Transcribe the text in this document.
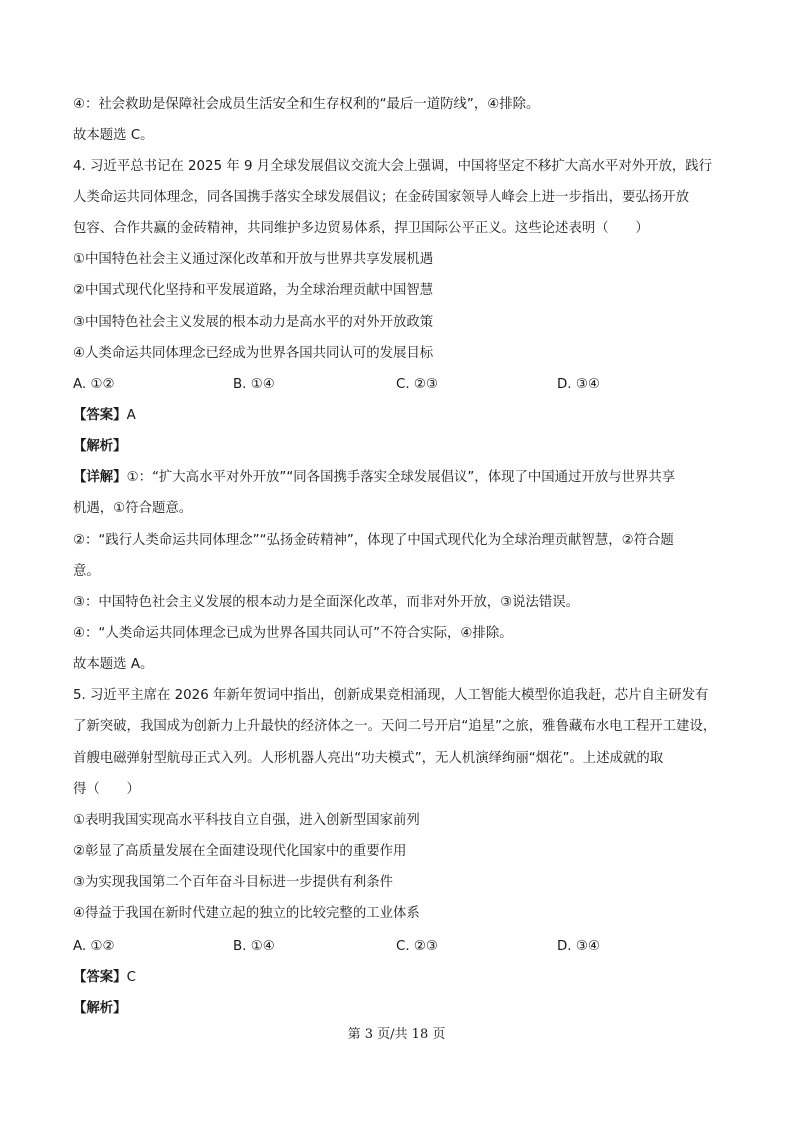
④：社会救助是保障社会成员生活安全和生存权利的“最后一道防线”，④排除。
故本题选 C。
4. 习近平总书记在 2025 年 9 月全球发展倡议交流大会上强调，中国将坚定不移扩大高水平对外开放，践行
人类命运共同体理念，同各国携手落实全球发展倡议；在金砖国家领导人峰会上进一步指出，要弘扬开放
包容、合作共赢的金砖精神，共同维护多边贸易体系，捍卫国际公平正义。这些论述表明（　　）
①中国特色社会主义通过深化改革和开放与世界共享发展机遇
②中国式现代化坚持和平发展道路，为全球治理贡献中国智慧
③中国特色社会主义发展的根本动力是高水平的对外开放政策
④人类命运共同体理念已经成为世界各国共同认可的发展目标
A. ①②	B. ①④	C. ②③	D. ③④
【答案】A
【解析】
【详解】①：“扩大高水平对外开放”“同各国携手落实全球发展倡议”，体现了中国通过开放与世界共享
机遇，①符合题意。
②：“践行人类命运共同体理念”“弘扬金砖精神”，体现了中国式现代化为全球治理贡献智慧，②符合题
意。
③：中国特色社会主义发展的根本动力是全面深化改革，而非对外开放，③说法错误。
④：“人类命运共同体理念已成为世界各国共同认可”不符合实际，④排除。
故本题选 A。
5. 习近平主席在 2026 年新年贺词中指出，创新成果竞相涌现，人工智能大模型你追我赶，芯片自主研发有
了新突破，我国成为创新力上升最快的经济体之一。天问二号开启“追星”之旅，雅鲁藏布水电工程开工建设，
首艘电磁弹射型航母正式入列。人形机器人亮出“功夫模式”，无人机演绎绚丽“烟花”。上述成就的取
得（　　）
①表明我国实现高水平科技自立自强，进入创新型国家前列
②彰显了高质量发展在全面建设现代化国家中的重要作用
③为实现我国第二个百年奋斗目标进一步提供有利条件
④得益于我国在新时代建立起的独立的比较完整的工业体系
A. ①②	B. ①④	C. ②③	D. ③④
【答案】C
【解析】
第 3 页/共 18 页
